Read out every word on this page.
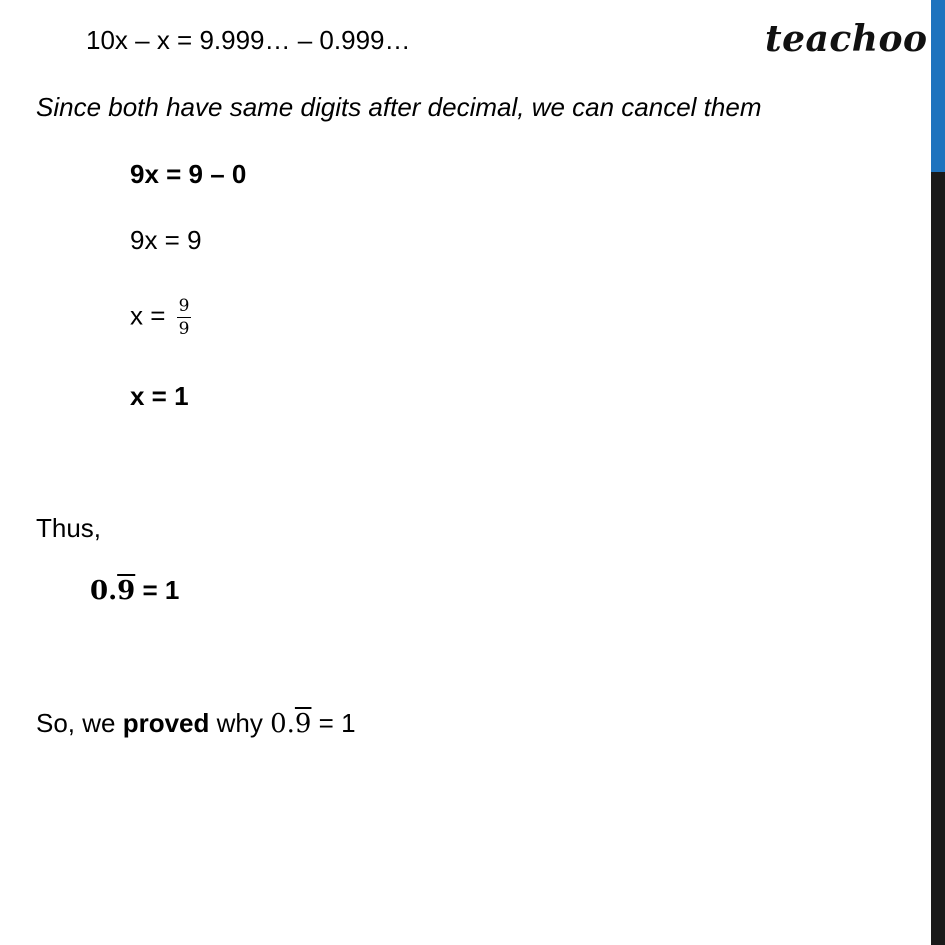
teachoo
10x – x = 9.999… – 0.999…
Since both have same digits after decimal, we can cancel them
9x = 9 – 0
9x = 9
$x = \frac{9}{9}$
x = 1
Thus,
0.9 = 1
So, we proved why 0.9 = 1
